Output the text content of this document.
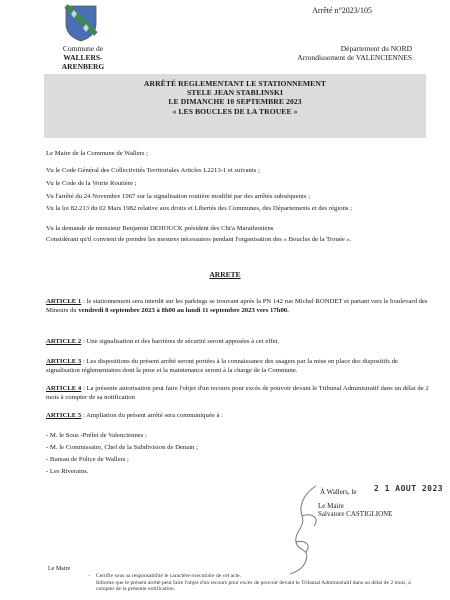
Arrêté n°2023/105
Commune de
WALLERS-ARENBERG
Département du NORD
Arrondissement de VALENCIENNES
ARRÊTÉ REGLEMENTANT LE STATIONNEMENT
STELE JEAN STABLINSKI
LE DIMANCHE 10 SEPTEMBRE 2023
« LES BOUCLES DE LA TROUEE »
Le Maire de la Commune de Wallers ;
Vu le Code Général des Collectivités Territoriales Articles L2213-1 et suivants ;
Vu le Code de la Voirie Routière ;
Vu l'arrêté du 24 Novembre 1967 sur la signalisation routière modifié par des arrêtés subséquents ;
Vu la loi 82.213 du 02 Mars 1982 relative aux droits et Libertés des Communes, des Départements et des régions ;
Vu la demande de monsieur Benjamin DEHOUCK président des Cht'a Marathoniens
Considérant qu'il convient de prendre les mesures nécessaires pendant l'organisation des « Boucles de la Trouée ».
ARRETE
ARTICLE 1 : le stationnement sera interdit sur les parkings se trouvant après la PN 142 rue Michel RONDET et partant vers le boulevard des Mineurs du vendredi 8 septembre 2023 à 8h00 au lundi 11 septembre 2023 vers 17h00.
ARTICLE 2 : Une signalisation et des barrières de sécurité seront apposées à cet effet.
ARTICLE 3 : Les dispositions du présent arrêté seront portées à la connaissance des usagers par la mise en place des dispositifs de signalisation réglementaires dont la pose et la maintenance seront à la charge de la Commune.
ARTICLE 4 : La présente autorisation peut faire l'objet d'un recours pour excès de pouvoir devant le Tribunal Administratif dans un délai de 2 mois à compter de sa notification
ARTICLE 5 : Ampliation du présent arrêté sera communiquée à :
- M. le Sous -Préfet de Valenciennes ;
- M. le Commissaire, Chef de la Subdivision de Denain ;
- Bureau de Police de Wallers ;
- Les Riverains.
À Wallers, le 2 1 AOUT 2023
Le Maire
Salvatore CASTIGLIONE
Le Maire
- Certifie sous sa responsabilité le caractère exécutoire de cet acte.
Informe que le présent arrêté peut faire l'objet d'un recours pour excès de pouvoir devant le Tribunal Administratif dans un délai de 2 mois, à compter de la présente notification.
